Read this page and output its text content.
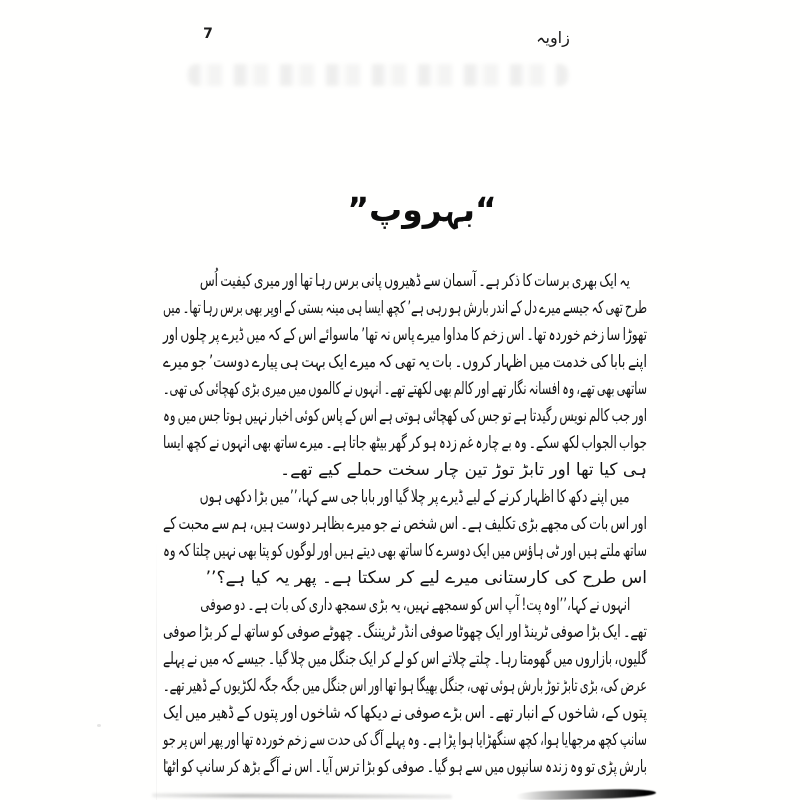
7	زاویہ
“بہروپ”
یہ ایک بھری برسات کا ذکر ہے۔ آسمان سے ڈھیروں پانی برس رہا تھا اور میری کیفیت اُس
طرح تھی کہ جیسے میرے دل کے اندر بارش ہو رہی ہے’ کچھ ایسا ہی مینہ بستی کے اوپر بھی برس رہا تھا۔ میں
تھوڑا سا زخم خوردہ تھا۔ اس زخم کا مداوا میرے پاس نہ تھا’ ماسوائے اس کے کہ میں ڈیرے پر چلوں اور
اپنے بابا کی خدمت میں اظہار کروں۔ بات یہ تھی کہ میرے ایک بہت ہی پیارے دوست’ جو میرے
ساتھی بھی تھے، وہ افسانہ نگار تھے اور کالم بھی لکھتے تھے۔ انہوں نے کالموں میں میری بڑی کھچائی کی تھی۔
اور جب کالم نویس رگیدتا ہے تو جس کی کھچائی ہوتی ہے اس کے پاس کوئی اخبار نہیں ہوتا جس میں وہ
جواب الجواب لکھ سکے۔ وہ بے چارہ غم زدہ ہو کر گھر بیٹھ جاتا ہے۔ میرے ساتھ بھی انہوں نے کچھ ایسا
ہی کیا تھا اور تابڑ توڑ تین چار سخت حملے کیے تھے۔
میں اپنے دکھ کا اظہار کرنے کے لیے ڈیرے پر چلا گیا اور بابا جی سے کہا،’’میں بڑا دکھی ہوں
اور اس بات کی مجھے بڑی تکلیف ہے۔ اس شخص نے جو میرے بظاہر دوست ہیں، ہم سے محبت کے
ساتھ ملتے ہیں اور ٹی ہاؤس میں ایک دوسرے کا ساتھ بھی دیتے ہیں اور لوگوں کو پتا بھی نہیں چلتا کہ وہ
اس طرح کی کارستانی میرے لیے کر سکتا ہے۔ پھر یہ کیا ہے؟’’
انہوں نے کہا،’’اوہ پت! آپ اس کو سمجھے نہیں، یہ بڑی سمجھ داری کی بات ہے۔ دو صوفی
تھے۔ ایک بڑا صوفی ٹرینڈ اور ایک چھوٹا صوفی انڈر ٹریننگ۔ چھوٹے صوفی کو ساتھ لے کر بڑا صوفی
گلیوں، بازاروں میں گھومتا رہا۔ چلتے چلاتے اس کو لے کر ایک جنگل میں چلا گیا۔ جیسے کہ میں نے پہلے
عرض کی، بڑی تابڑ توڑ بارش ہوئی تھی، جنگل بھیگا ہوا تھا اور اس جنگل میں جگہ جگہ لکڑیوں کے ڈھیر تھے۔
پتوں کے، شاخوں کے انبار تھے۔ اس بڑے صوفی نے دیکھا کہ شاخوں اور پتوں کے ڈھیر میں ایک
سانپ کچھ مرجھایا ہوا، کچھ سنگھڑایا ہوا پڑا ہے۔ وہ پہلے آگ کی حدت سے زخم خوردہ تھا اور پھر اس پر جو
بارش پڑی تو وہ زندہ سانپوں میں سے ہو گیا۔ صوفی کو بڑا ترس آیا۔ اس نے آگے بڑھ کر سانپ کو اٹھا
